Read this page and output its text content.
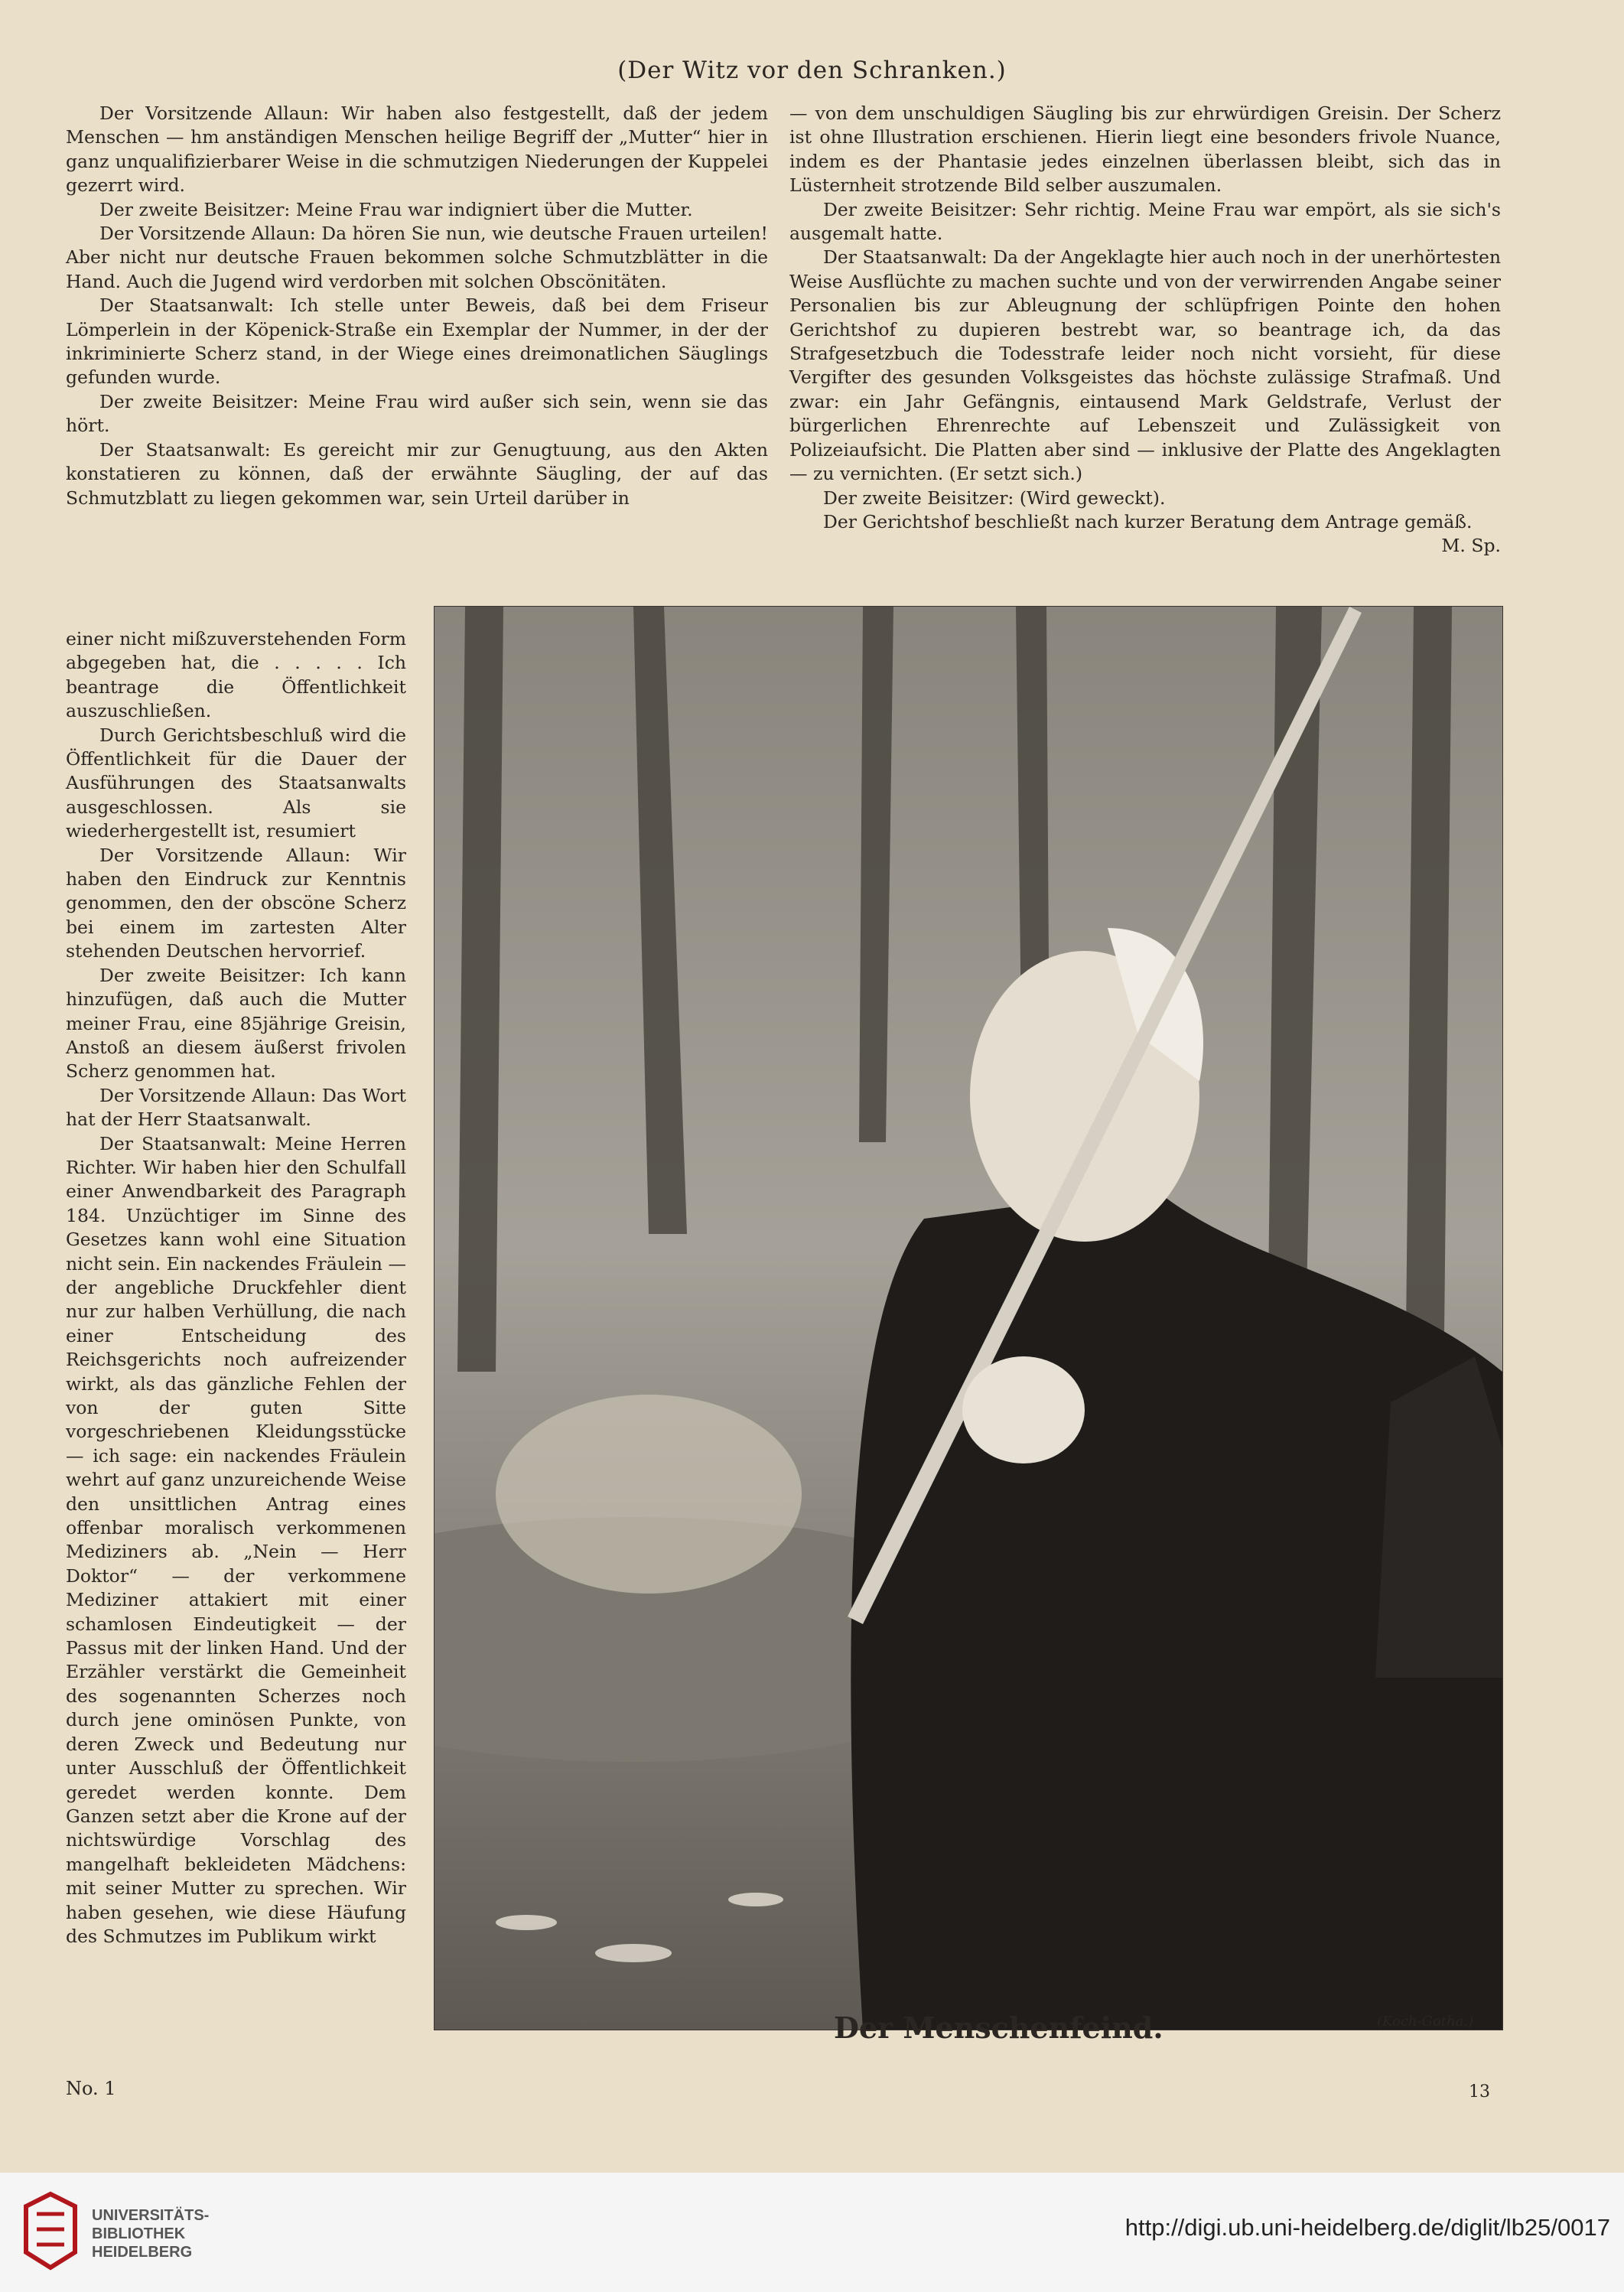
(Der Witz vor den Schranken.)

Der Vorsitzende Allaun: Wir haben also festgestellt, daß der jedem Menschen — hm anständigen Menschen heilige Begriff der „Mutter“ hier in ganz unqualifizierbarer Weise in die schmutzigen Niederungen der Kuppelei gezerrt wird.

Der zweite Beisitzer: Meine Frau war indigniert über die Mutter.

Der Vorsitzende Allaun: Da hören Sie nun, wie deutsche Frauen urteilen! Aber nicht nur deutsche Frauen bekommen solche Schmutzblätter in die Hand. Auch die Jugend wird verdorben mit solchen Obscönitäten.

Der Staatsanwalt: Ich stelle unter Beweis, daß bei dem Friseur Lömperlein in der Köpenick-Straße ein Exemplar der Nummer, in der der inkriminierte Scherz stand, in der Wiege eines dreimonatlichen Säuglings gefunden wurde.

Der zweite Beisitzer: Meine Frau wird außer sich sein, wenn sie das hört.

Der Staatsanwalt: Es gereicht mir zur Genugtuung, aus den Akten konstatieren zu können, daß der erwähnte Säugling, der auf das Schmutzblatt zu liegen gekommen war, sein Urteil darüber in

einer nicht mißzuverstehenden Form abgegeben hat, die . . . . . Ich beantrage die Öffentlichkeit auszuschließen.

Durch Gerichtsbeschluß wird die Öffentlichkeit für die Dauer der Ausführungen des Staatsanwalts ausgeschlossen. Als sie wiederhergestellt ist, resumiert

Der Vorsitzende Allaun: Wir haben den Eindruck zur Kenntnis genommen, den der obscöne Scherz bei einem im zartesten Alter stehenden Deutschen hervorrief.

Der zweite Beisitzer: Ich kann hinzufügen, daß auch die Mutter meiner Frau, eine 85jährige Greisin, Anstoß an diesem äußerst frivolen Scherz genommen hat.

Der Vorsitzende Allaun: Das Wort hat der Herr Staatsanwalt.

Der Staatsanwalt: Meine Herren Richter. Wir haben hier den Schulfall einer Anwendbarkeit des Paragraph 184. Unzüchtiger im Sinne des Gesetzes kann wohl eine Situation nicht sein. Ein nackendes Fräulein — der angebliche Druckfehler dient nur zur halben Verhüllung, die nach einer Entscheidung des Reichsgerichts noch aufreizender wirkt, als das gänzliche Fehlen der von der guten Sitte vorgeschriebenen Kleidungsstücke — ich sage: ein nackendes Fräulein wehrt auf ganz unzureichende Weise den unsittlichen Antrag eines offenbar moralisch verkommenen Mediziners ab. „Nein — Herr Doktor“ — der verkommene Mediziner attakiert mit einer schamlosen Eindeutigkeit — der Passus mit der linken Hand. Und der Erzähler verstärkt die Gemeinheit des sogenannten Scherzes noch durch jene ominösen Punkte, von deren Zweck und Bedeutung nur unter Ausschluß der Öffentlichkeit geredet werden konnte. Dem Ganzen setzt aber die Krone auf der nichtswürdige Vorschlag des mangelhaft bekleideten Mädchens: mit seiner Mutter zu sprechen. Wir haben gesehen, wie diese Häufung des Schmutzes im Publikum wirkt

— von dem unschuldigen Säugling bis zur ehrwürdigen Greisin. Der Scherz ist ohne Illustration erschienen. Hierin liegt eine besonders frivole Nuance, indem es der Phantasie jedes einzelnen überlassen bleibt, sich das in Lüsternheit strotzende Bild selber auszumalen.

Der zweite Beisitzer: Sehr richtig. Meine Frau war empört, als sie sich's ausgemalt hatte.

Der Staatsanwalt: Da der Angeklagte hier auch noch in der unerhörtesten Weise Ausflüchte zu machen suchte und von der verwirrenden Angabe seiner Personalien bis zur Ableugnung der schlüpfrigen Pointe den hohen Gerichtshof zu dupieren bestrebt war, so beantrage ich, da das Strafgesetzbuch die Todesstrafe leider noch nicht vorsieht, für diese Vergifter des gesunden Volksgeistes das höchste zulässige Strafmaß. Und zwar: ein Jahr Gefängnis, eintausend Mark Geldstrafe, Verlust der bürgerlichen Ehrenrechte auf Lebenszeit und Zulässigkeit von Polizeiaufsicht. Die Platten aber sind — inklusive der Platte des Angeklagten — zu vernichten. (Er setzt sich.)

Der zweite Beisitzer: (Wird geweckt).

Der Gerichtshof beschließt nach kurzer Beratung dem Antrage gemäß.
M. Sp.

Der Menschenfeind.	(Koch-Gotha.)
No. 1	13
UNIVERSITÄTS-
BIBLIOTHEK
HEIDELBERG
http://digi.ub.uni-heidelberg.de/diglit/lb25/0017
